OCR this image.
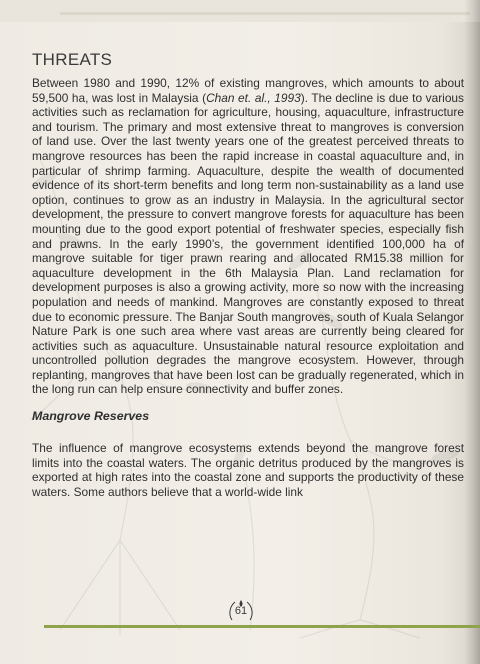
THREATS

Between 1980 and 1990, 12% of existing mangroves, which amounts to about 59,500 ha, was lost in Malaysia (Chan et. al., 1993). The decline is due to various activities such as reclamation for agriculture, housing, aquaculture, infrastructure and tourism. The primary and most extensive threat to mangroves is conversion of land use. Over the last twenty years one of the greatest perceived threats to mangrove resources has been the rapid increase in coastal aquaculture and, in particular of shrimp farming. Aquaculture, despite the wealth of documented evidence of its short-term benefits and long term non-sustainability as a land use option, continues to grow as an industry in Malaysia. In the agricultural sector development, the pressure to convert mangrove forests for aquaculture has been mounting due to the good export potential of freshwater species, especially fish and prawns. In the early 1990’s, the government identified 100,000 ha of mangrove suitable for tiger prawn rearing and allocated RM15.38 million for aquaculture development in the 6th Malaysia Plan. Land reclamation for development purposes is also a growing activity, more so now with the increasing population and needs of mankind. Mangroves are constantly exposed to threat due to economic pressure. The Banjar South mangroves, south of Kuala Selangor Nature Park is one such area where vast areas are currently being cleared for activities such as aquaculture. Unsustainable natural resource exploitation and uncontrolled pollution degrades the mangrove ecosystem. However, through replanting, mangroves that have been lost can be gradually regenerated, which in the long run can help ensure connectivity and buffer zones.

Mangrove Reserves

The influence of mangrove ecosystems extends beyond the mangrove forest limits into the coastal waters. The organic detritus produced by the mangroves is exported at high rates into the coastal zone and supports the productivity of these waters. Some authors believe that a world-wide link

61
